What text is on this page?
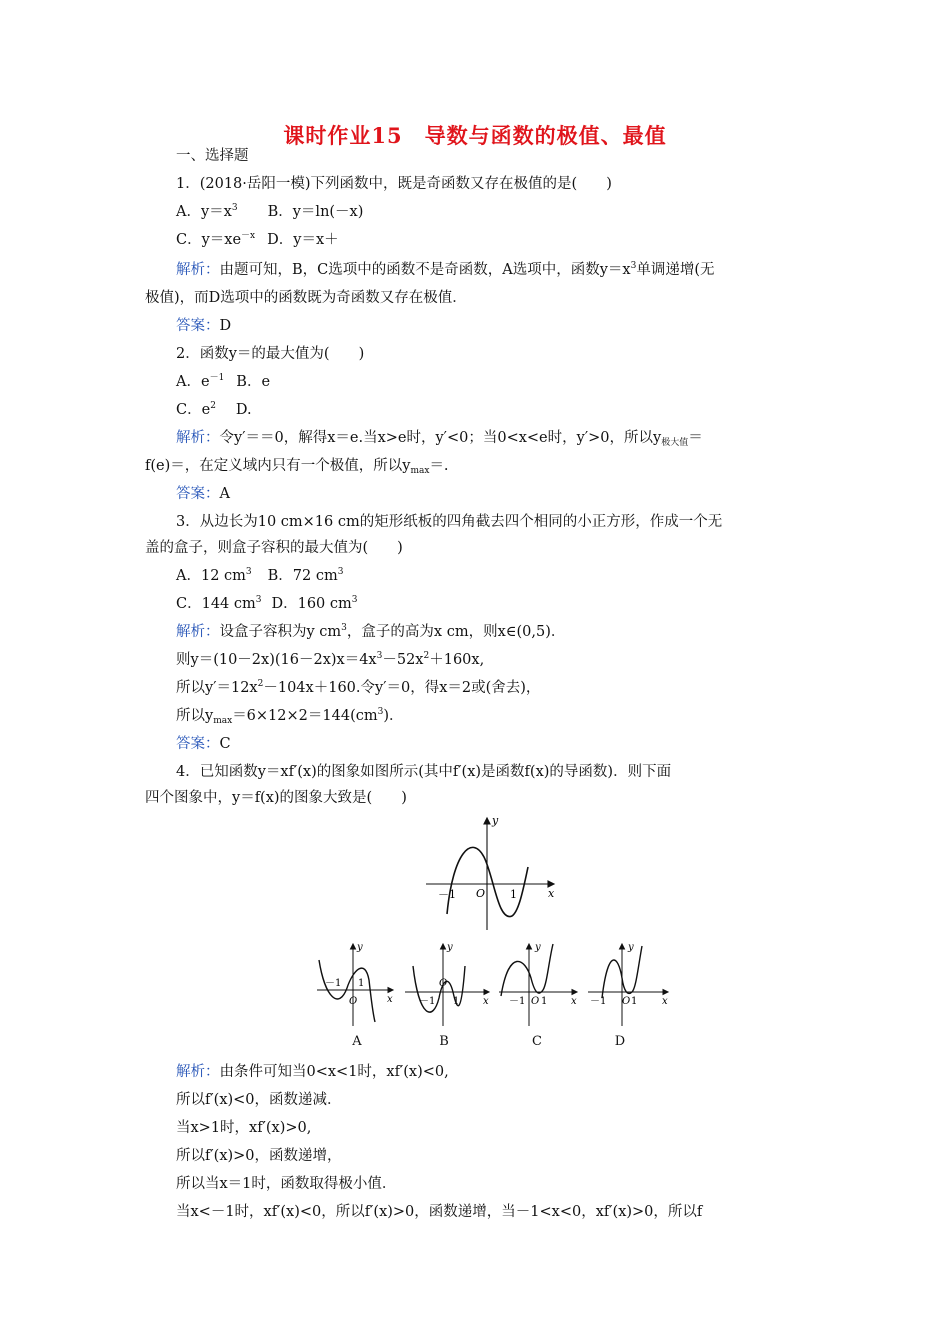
课时作业15　导数与函数的极值、最值
一、选择题
1．(2018·岳阳一模)下列函数中，既是奇函数又存在极值的是(　　)
A．$y=x^3$ B．y＝ln(－x)
C．$y=xe^{-x}$ D．y＝x＋
解析：由题可知，B，C选项中的函数不是奇函数，A选项中，函数$y=x^3$单调递增(无
极值)，而D选项中的函数既为奇函数又存在极值．
答案：D
2．函数y＝的最大值为(　　)
A．$e^{-1}$ B．e
C．$e^2$ D.
解析：令y′＝＝0，解得x＝e.当x>e时，y′<0；当0<x<e时，y′>0，所以$y_{极大值}=$
f(e)＝，在定义域内只有一个极值，所以$y_{max}=$.
答案：A
3．从边长为10 cm×16 cm的矩形纸板的四角截去四个相同的小正方形，作成一个无
盖的盒子，则盒子容积的最大值为(　　)
A．12 $cm^3$ B．72 $cm^3$
C．144 $cm^3$ D．160 $cm^3$
解析：设盒子容积为y $cm^3$，盒子的高为x cm，则x∈(0,5)．
则$y=(10-2x)(16-2x)x=4x^3-52x^2+160x$,
所以$y'=12x^2-104x+160$.令y′＝0，得x＝2或(舍去)，
所以$y_{max}=6\times 12\times 2=144(cm^3)$．
答案：C
4．已知函数y＝xf′(x)的图象如图所示(其中f′(x)是函数f(x)的导函数)．则下面
四个图象中，y＝f(x)的图象大致是(　　)
y
x
O
－1	1
y
x
O
－1 1
y
x
O
－1 1
y
x
O
－1 1
y
x
O
－1 1
A	B	C	D
解析：由条件可知当0<x<1时，xf′(x)<0,
所以f′(x)<0，函数递减．
当x>1时，xf′(x)>0,
所以f′(x)>0，函数递增，
所以当x＝1时，函数取得极小值．
当x<－1时，xf′(x)<0，所以f′(x)>0，函数递增，当－1<x<0，xf′(x)>0，所以f
